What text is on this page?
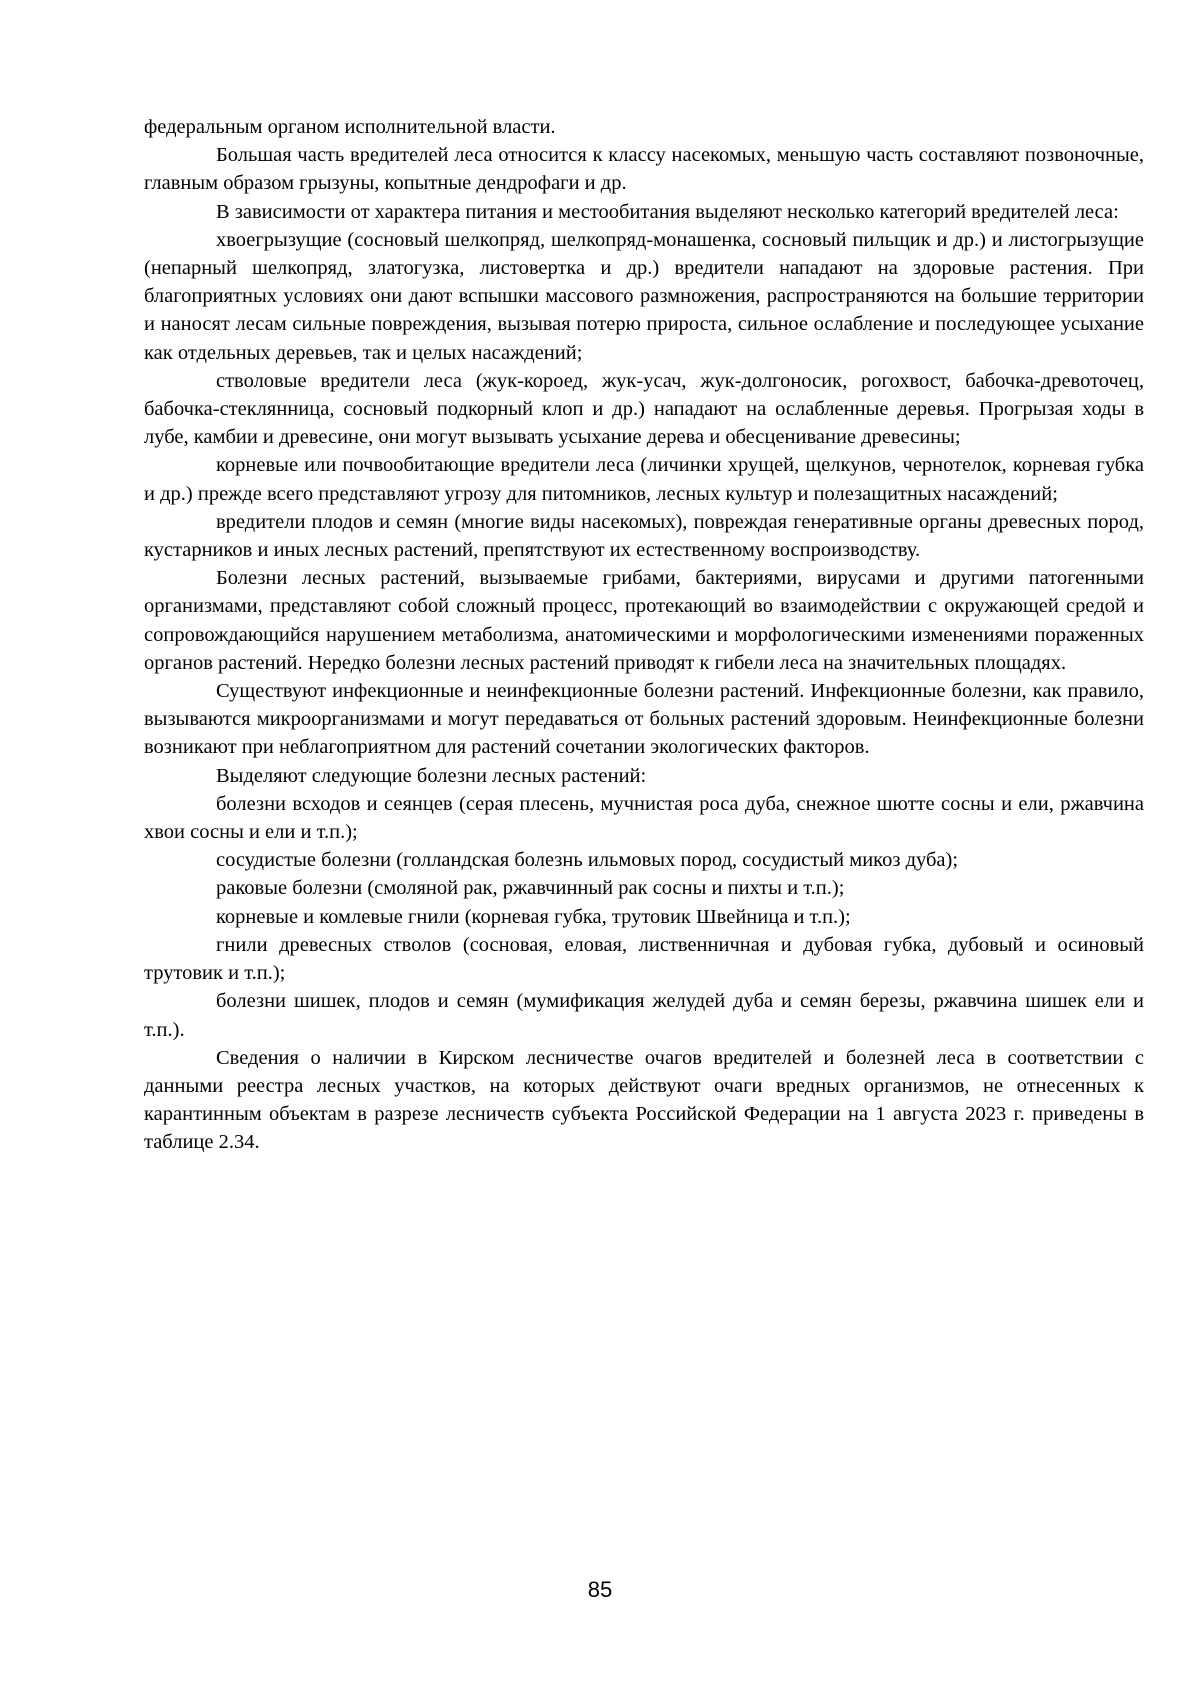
федеральным органом исполнительной власти.

Большая часть вредителей леса относится к классу насекомых, меньшую часть составляют позвоночные, главным образом грызуны, копытные дендрофаги и др.

В зависимости от характера питания и местообитания выделяют несколько категорий вредителей леса:

хвоегрызущие (сосновый шелкопряд, шелкопряд-монашенка, сосновый пильщик и др.) и листогрызущие (непарный шелкопряд, златогузка, листовертка и др.) вредители нападают на здоровые растения. При благоприятных условиях они дают вспышки массового размножения, распространяются на большие территории и наносят лесам сильные повреждения, вызывая потерю прироста, сильное ослабление и последующее усыхание как отдельных деревьев, так и целых насаждений;

стволовые вредители леса (жук-короед, жук-усач, жук-долгоносик, рогохвост, бабочка-древоточец, бабочка-стеклянница, сосновый подкорный клоп и др.) нападают на ослабленные деревья. Прогрызая ходы в лубе, камбии и древесине, они могут вызывать усыхание дерева и обесценивание древесины;

корневые или почвообитающие вредители леса (личинки хрущей, щелкунов, чернотелок, корневая губка и др.) прежде всего представляют угрозу для питомников, лесных культур и полезащитных насаждений;

вредители плодов и семян (многие виды насекомых), повреждая генеративные органы древесных пород, кустарников и иных лесных растений, препятствуют их естественному воспроизводству.

Болезни лесных растений, вызываемые грибами, бактериями, вирусами и другими патогенными организмами, представляют собой сложный процесс, протекающий во взаимодействии с окружающей средой и сопровождающийся нарушением метаболизма, анатомическими и морфологическими изменениями пораженных органов растений. Нередко болезни лесных растений приводят к гибели леса на значительных площадях.

Существуют инфекционные и неинфекционные болезни растений. Инфекционные болезни, как правило, вызываются микроорганизмами и могут передаваться от больных растений здоровым. Неинфекционные болезни возникают при неблагоприятном для растений сочетании экологических факторов.

Выделяют следующие болезни лесных растений:

болезни всходов и сеянцев (серая плесень, мучнистая роса дуба, снежное шютте сосны и ели, ржавчина хвои сосны и ели и т.п.);

сосудистые болезни (голландская болезнь ильмовых пород, сосудистый микоз дуба);

раковые болезни (смоляной рак, ржавчинный рак сосны и пихты и т.п.);

корневые и комлевые гнили (корневая губка, трутовик Швейница и т.п.);

гнили древесных стволов (сосновая, еловая, лиственничная и дубовая губка, дубовый и осиновый трутовик и т.п.);

болезни шишек, плодов и семян (мумификация желудей дуба и семян березы, ржавчина шишек ели и т.п.).

Сведения о наличии в Кирском лесничестве очагов вредителей и болезней леса в соответствии с данными реестра лесных участков, на которых действуют очаги вредных организмов, не отнесенных к карантинным объектам в разрезе лесничеств субъекта Российской Федерации на 1 августа 2023 г. приведены в таблице 2.34.

85
